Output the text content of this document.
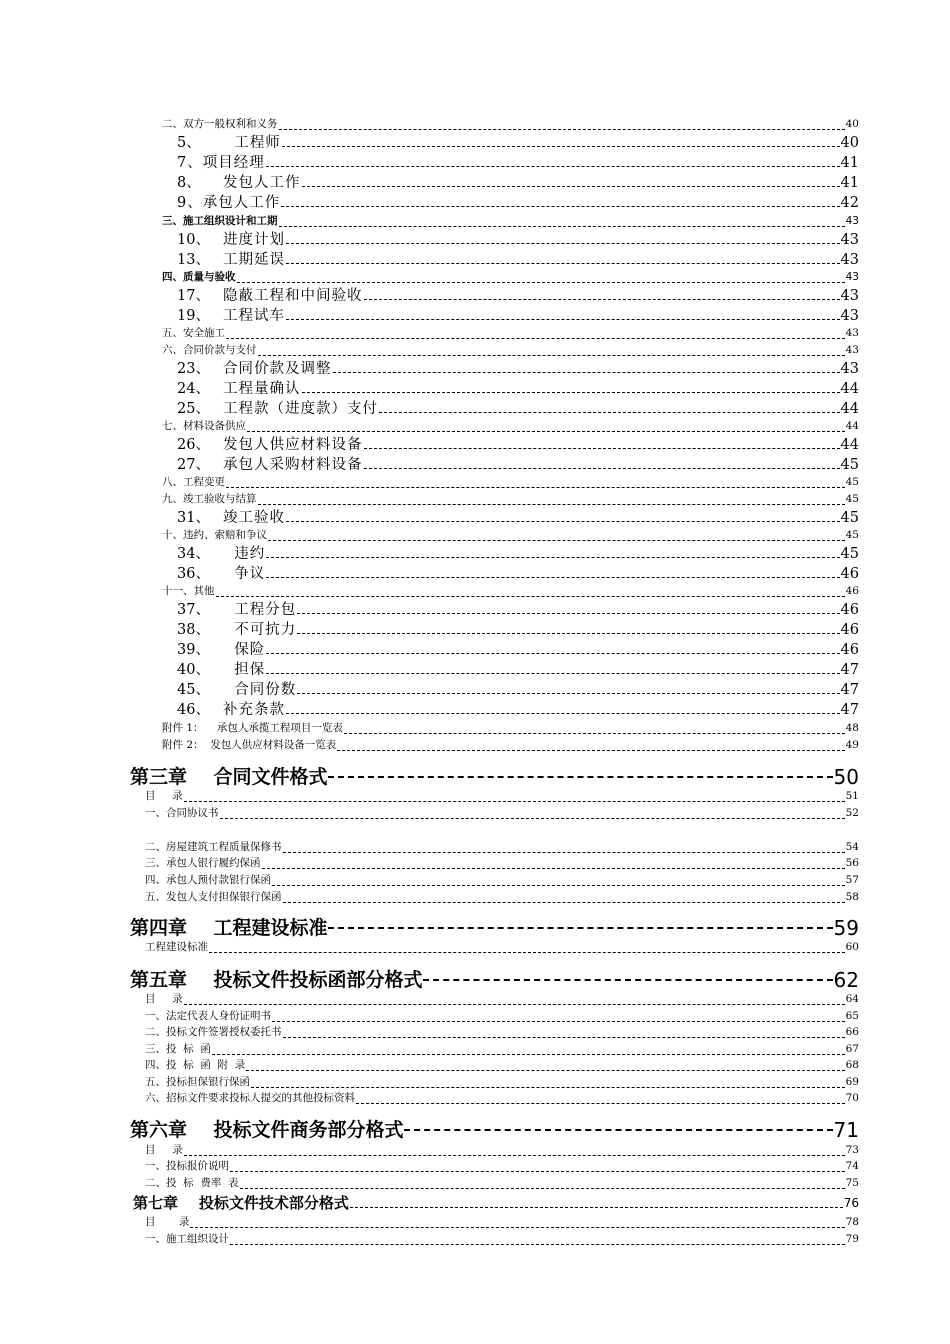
二、双方一般权利和义务	40
5、 工程师	40
7、项目经理	41
8、 发包人工作	41
9、承包人工作	42
三、施工组织设计和工期	43
10、 进度计划	43
13、 工期延误	43
四、质量与验收	43
17、 隐蔽工程和中间验收	43
19、 工程试车	43
五、安全施工	43
六、合同价款与支付	43
23、 合同价款及调整	43
24、 工程量确认	44
25、 工程款（进度款）支付	44
七、材料设备供应	44
26、 发包人供应材料设备	44
27、 承包人采购材料设备	45
八、工程变更	45
九、竣工验收与结算	45
31、 竣工验收	45
十、违约、索赔和争议	45
34、 违约	45
36、 争议	46
十一、其他	46
37、 工程分包	46
38、 不可抗力	46
39、 保险	46
40、 担保	47
45、 合同份数	47
46、 补充条款	47
附件 1：    承包人承揽工程项目一览表	48
附件 2：  发包人供应材料设备一览表	49
第三章    合同文件格式	50
目     录	51
一、合同协议书	52
二、房屋建筑工程质量保修书	54
三、承包人银行履约保函	56
四、承包人预付款银行保函	57
五、发包人支付担保银行保函	58
第四章    工程建设标准	59
工程建设标准	60
第五章    投标文件投标函部分格式	62
目     录	64
一、法定代表人身份证明书	65
二、投标文件签署授权委托书	66
三、投  标  函	67
四、投  标  函  附  录	68
五、投标担保银行保函	69
六、招标文件要求投标人提交的其他投标资料	70
第六章    投标文件商务部分格式	71
目     录	73
一、投标报价说明	74
二、投  标  费率  表	75
第七章    投标文件技术部分格式	76
目       录	78
一、施工组织设计	79
